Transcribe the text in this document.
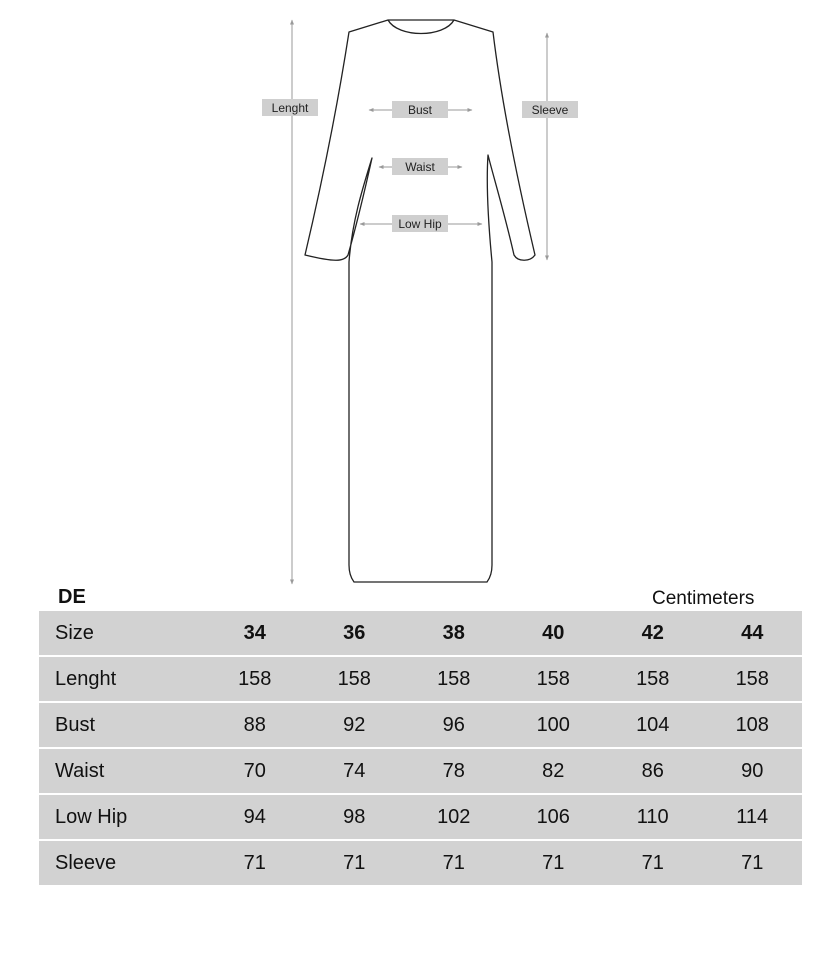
Lenght	Sleeve
Bust
Waist
Low Hip
DE	Centimeters
Size	34	36	38	40	42	44
Lenght	158	158	158	158	158	158
Bust	88	92	96	100	104	108
Waist	70	74	78	82	86	90
Low Hip	94	98	102	106	110	114
Sleeve	71	71	71	71	71	71
